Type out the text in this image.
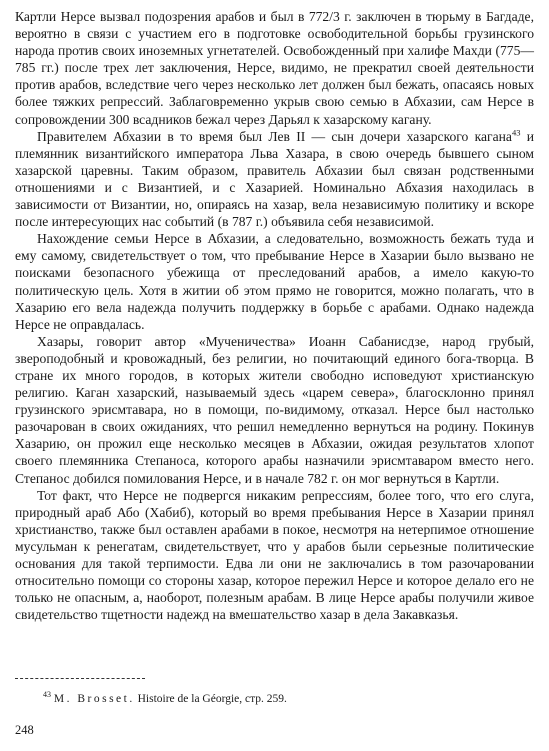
Картли Нерсе вызвал подозрения арабов и был в 772/3 г. заключен в тюрьму в Багдаде, вероятно в связи с участием его в подготовке освободительной борьбы грузинского народа против своих иноземных угнетателей. Освобожденный при халифе Махди (775—785 гг.) после трех лет заключения, Нерсе, видимо, не прекратил своей деятельности против арабов, вследствие чего через несколько лет должен был бежать, опасаясь новых более тяжких репрессий. Заблаговременно укрыв свою семью в Абхазии, сам Нерсе в сопровождении 300 всадников бежал через Дарьял к хазарскому кагану.

Правителем Абхазии в то время был Лев II — сын дочери хазарского кагана$^{43}$ и племянник византийского императора Льва Хазара, в свою очередь бывшего сыном хазарской царевны. Таким образом, правитель Абхазии был связан родственными отношениями и с Византией, и с Хазарией. Номинально Абхазия находилась в зависимости от Византии, но, опираясь на хазар, вела независимую политику и вскоре после интересующих нас событий (в 787 г.) объявила себя независимой.

Нахождение семьи Нерсе в Абхазии, а следовательно, возможность бежать туда и ему самому, свидетельствует о том, что пребывание Нерсе в Хазарии было вызвано не поисками безопасного убежища от преследований арабов, а имело какую-то политическую цель. Хотя в житии об этом прямо не говорится, можно полагать, что в Хазарию его вела надежда получить поддержку в борьбе с арабами. Однако надежда Нерсе не оправдалась.

Хазары, говорит автор «Мученичества» Иоанн Сабанисдзе, народ грубый, звероподобный и кровожадный, без религии, но почитающий единого бога-творца. В стране их много городов, в которых жители свободно исповедуют христианскую религию. Каган хазарский, называемый здесь «царем севера», благосклонно принял грузинского эрисмтавара, но в помощи, по-видимому, отказал. Нерсе был настолько разочарован в своих ожиданиях, что решил немедленно вернуться на родину. Покинув Хазарию, он прожил еще несколько месяцев в Абхазии, ожидая результатов хлопот своего племянника Степаноса, которого арабы назначили эрисмтаваром вместо него. Степанос добился помилования Нерсе, и в начале 782 г. он мог вернуться в Картли.

Тот факт, что Нерсе не подвергся никаким репрессиям, более того, что его слуга, природный араб Або (Хабиб), который во время пребывания Нерсе в Хазарии принял христианство, также был оставлен арабами в покое, несмотря на нетерпимое отношение мусульман к ренегатам, свидетельствует, что у арабов были серьезные политические основания для такой терпимости. Едва ли они не заключались в том разочаровании относительно помощи со стороны хазар, которое пережил Нерсе и которое делало его не только не опасным, а, наоборот, полезным арабам. В лице Нерсе арабы получили живое свидетельство тщетности надежд на вмешательство хазар в дела Закавказья.

$^{43}$ M. Brosset. Histoire de la Géorgie, стр. 259.
248
